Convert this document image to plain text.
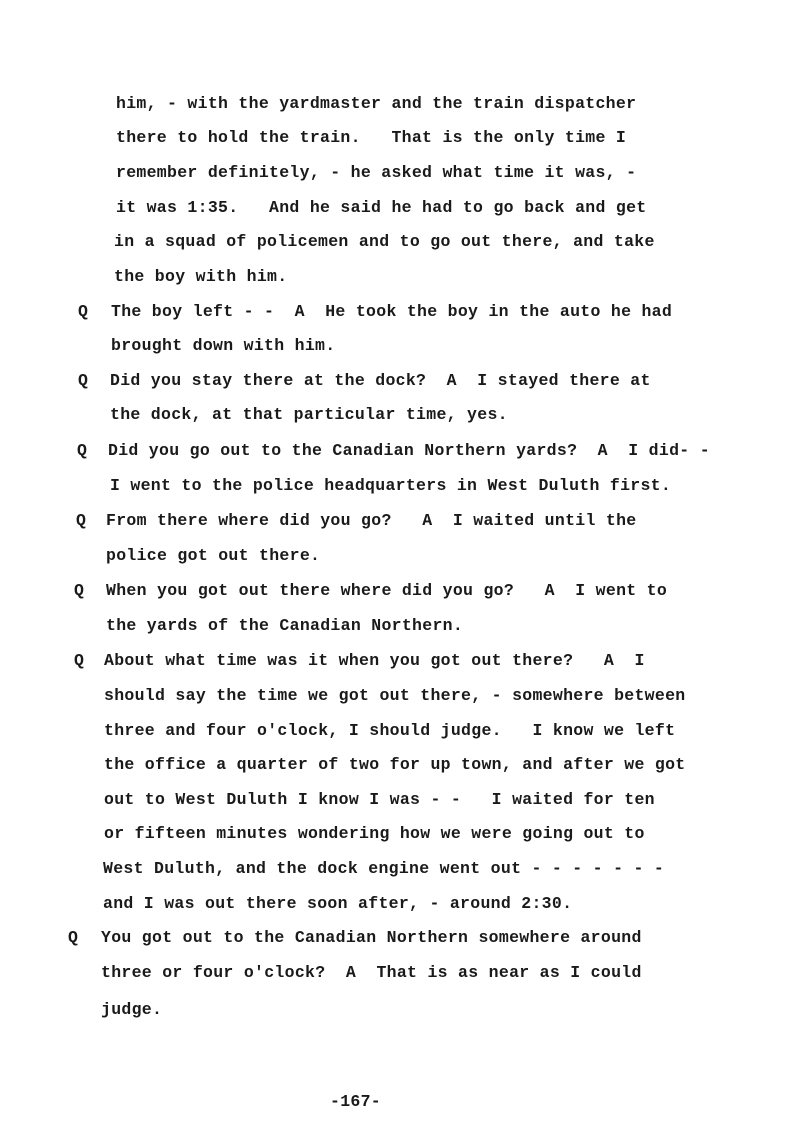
him, - with the yardmaster and the train dispatcher
there to hold the train.   That is the only time I
remember definitely, - he asked what time it was, -
it was 1:35.   And he said he had to go back and get
in a squad of policemen and to go out there, and take
the boy with him.
Q The boy left - -  A  He took the boy in the auto he had
brought down with him.
Q Did you stay there at the dock?  A  I stayed there at
the dock, at that particular time, yes.
Q Did you go out to the Canadian Northern yards?  A  I did- -
I went to the police headquarters in West Duluth first.
Q From there where did you go?   A  I waited until the
police got out there.
Q When you got out there where did you go?   A  I went to
the yards of the Canadian Northern.
Q About what time was it when you got out there?   A  I
should say the time we got out there, - somewhere between
three and four o'clock, I should judge.   I know we left
the office a quarter of two for up town, and after we got
out to West Duluth I know I was - -   I waited for ten
or fifteen minutes wondering how we were going out to
West Duluth, and the dock engine went out - - - - - - -
and I was out there soon after, - around 2:30.
Q You got out to the Canadian Northern somewhere around
three or four o'clock?  A  That is as near as I could
judge.
-167-
